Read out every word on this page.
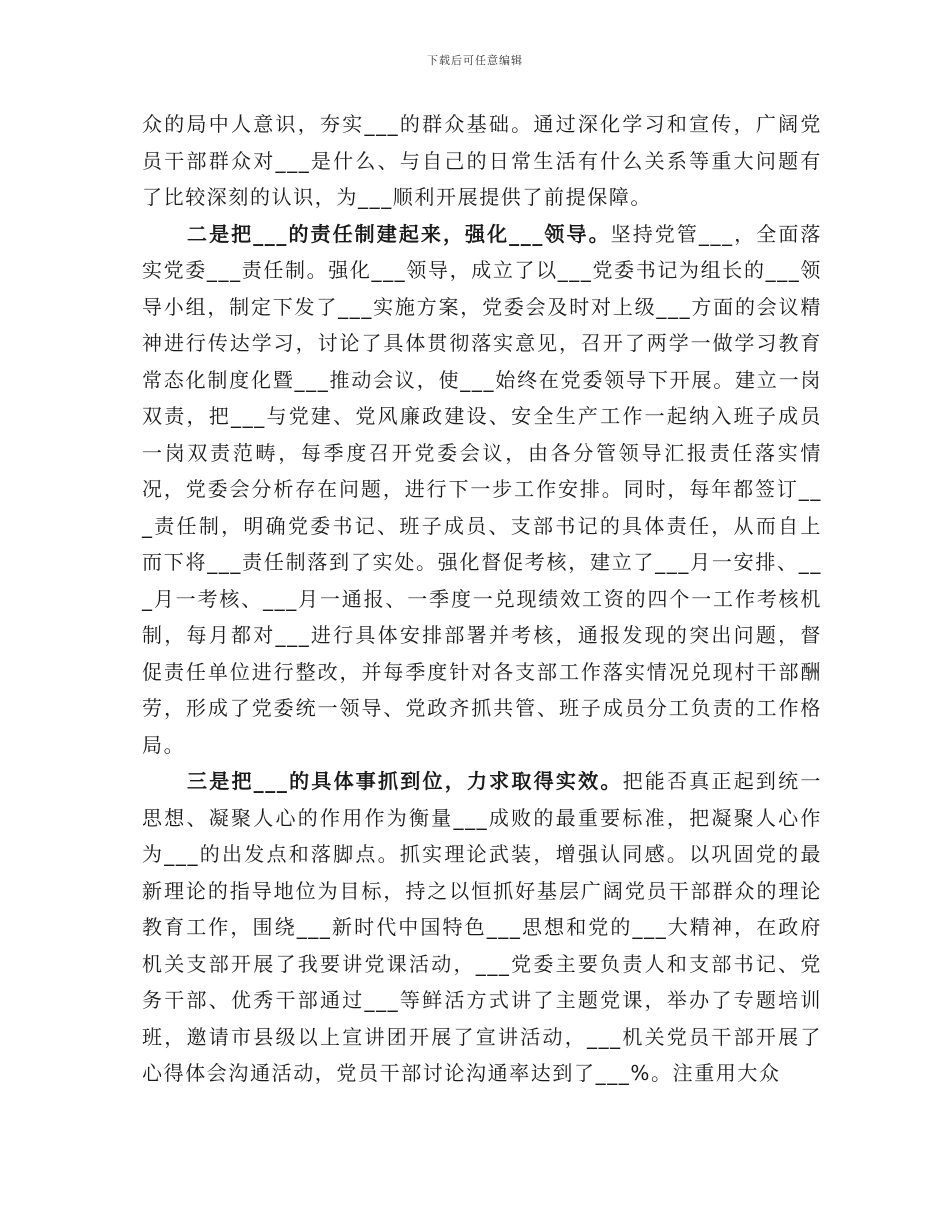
下载后可任意编辑

众的局中人意识，夯实___的群众基础。通过深化学习和宣传，广阔党员干部群众对___是什么、与自己的日常生活有什么关系等重大问题有了比较深刻的认识，为___顺利开展提供了前提保障。

二是把___的责任制建起来，强化___领导。坚持党管___，全面落实党委___责任制。强化___领导，成立了以___党委书记为组长的___领导小组，制定下发了___实施方案，党委会及时对上级___方面的会议精神进行传达学习，讨论了具体贯彻落实意见，召开了两学一做学习教育常态化制度化暨___推动会议，使___始终在党委领导下开展。建立一岗双责，把___与党建、党风廉政建设、安全生产工作一起纳入班子成员一岗双责范畴，每季度召开党委会议，由各分管领导汇报责任落实情况，党委会分析存在问题，进行下一步工作安排。同时，每年都签订___责任制，明确党委书记、班子成员、支部书记的具体责任，从而自上而下将___责任制落到了实处。强化督促考核，建立了___月一安排、___月一考核、___月一通报、一季度一兑现绩效工资的四个一工作考核机制，每月都对___进行具体安排部署并考核，通报发现的突出问题，督促责任单位进行整改，并每季度针对各支部工作落实情况兑现村干部酬劳，形成了党委统一领导、党政齐抓共管、班子成员分工负责的工作格局。

三是把___的具体事抓到位，力求取得实效。把能否真正起到统一思想、凝聚人心的作用作为衡量___成败的最重要标准，把凝聚人心作为___的出发点和落脚点。抓实理论武装，增强认同感。以巩固党的最新理论的指导地位为目标，持之以恒抓好基层广阔党员干部群众的理论教育工作，围绕___新时代中国特色___思想和党的___大精神，在政府机关支部开展了我要讲党课活动，___党委主要负责人和支部书记、党务干部、优秀干部通过___等鲜活方式讲了主题党课，举办了专题培训班，邀请市县级以上宣讲团开展了宣讲活动，___机关党员干部开展了心得体会沟通活动，党员干部讨论沟通率达到了___%。注重用大众
